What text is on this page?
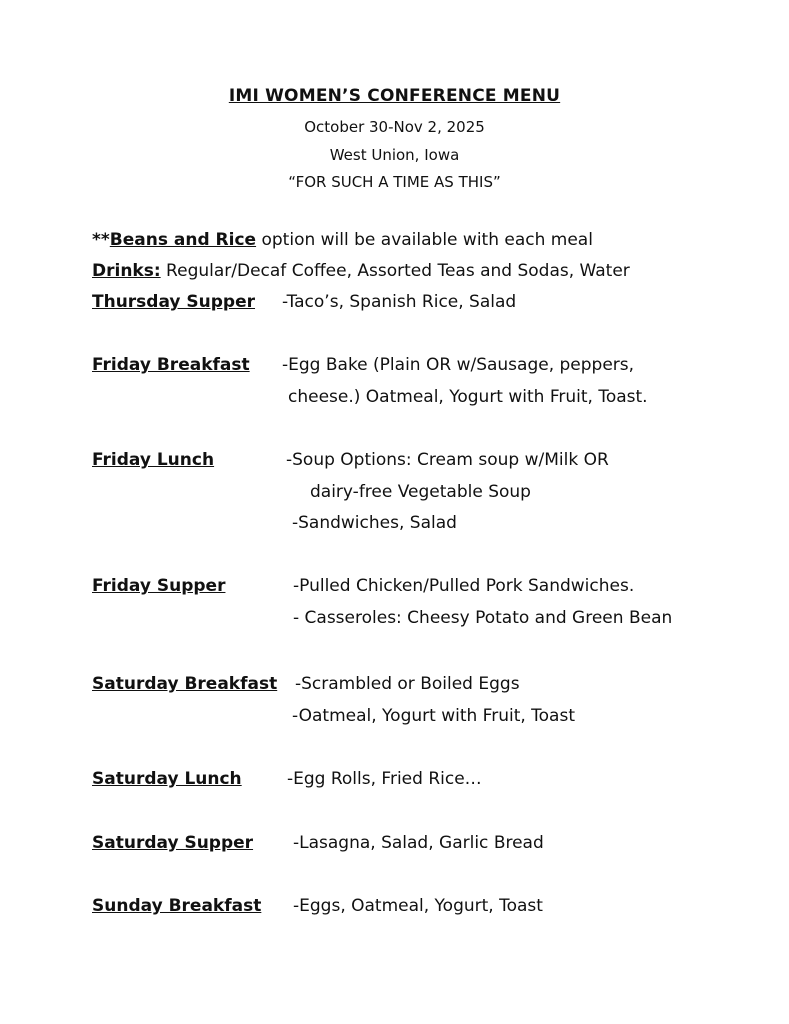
IMI WOMEN’S CONFERENCE MENU
October 30-Nov 2, 2025
West Union, Iowa
“FOR SUCH A TIME AS THIS”
**Beans and Rice option will be available with each meal
Drinks: Regular/Decaf Coffee, Assorted Teas and Sodas, Water
Thursday Supper -Taco’s, Spanish Rice, Salad
Friday Breakfast -Egg Bake (Plain OR w/Sausage, peppers,
cheese.) Oatmeal, Yogurt with Fruit, Toast.
Friday Lunch	-Soup Options: Cream soup w/Milk OR
dairy-free Vegetable Soup
-Sandwiches, Salad
Friday Supper	-Pulled Chicken/Pulled Pork Sandwiches.
- Casseroles: Cheesy Potato and Green Bean
Saturday Breakfast -Scrambled or Boiled Eggs
-Oatmeal, Yogurt with Fruit, Toast
Saturday Lunch	-Egg Rolls, Fried Rice…
Saturday Supper -Lasagna, Salad, Garlic Bread
Sunday Breakfast -Eggs, Oatmeal, Yogurt, Toast
